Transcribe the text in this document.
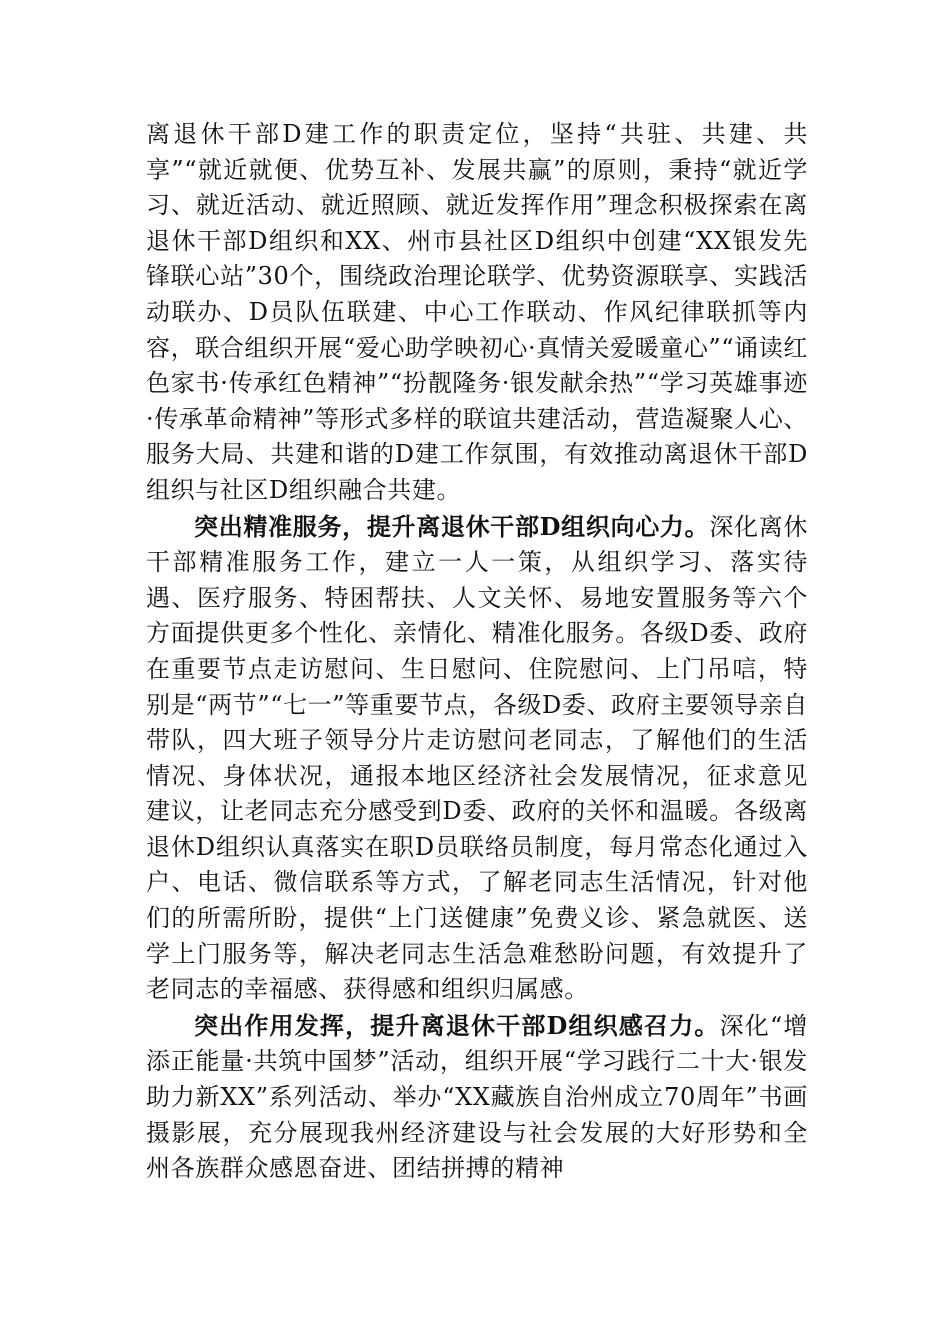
离退休干部D建工作的职责定位，坚持“共驻、共建、共享”“就近就便、优势互补、发展共赢”的原则，秉持“就近学习、就近活动、就近照顾、就近发挥作用”理念积极探索在离退休干部D组织和XX、州市县社区D组织中创建“XX银发先锋联心站”30个，围绕政治理论联学、优势资源联享、实践活动联办、D员队伍联建、中心工作联动、作风纪律联抓等内容，联合组织开展“爱心助学映初心·真情关爱暖童心”“诵读红色家书·传承红色精神”“扮靓隆务·银发献余热”“学习英雄事迹·传承革命精神”等形式多样的联谊共建活动，营造凝聚人心、服务大局、共建和谐的D建工作氛围，有效推动离退休干部D组织与社区D组织融合共建。

突出精准服务，提升离退休干部D组织向心力。深化离休干部精准服务工作，建立一人一策，从组织学习、落实待遇、医疗服务、特困帮扶、人文关怀、易地安置服务等六个方面提供更多个性化、亲情化、精准化服务。各级D委、政府在重要节点走访慰问、生日慰问、住院慰问、上门吊唁，特别是“两节”“七一”等重要节点，各级D委、政府主要领导亲自带队，四大班子领导分片走访慰问老同志，了解他们的生活情况、身体状况，通报本地区经济社会发展情况，征求意见建议，让老同志充分感受到D委、政府的关怀和温暖。各级离退休D组织认真落实在职D员联络员制度，每月常态化通过入户、电话、微信联系等方式，了解老同志生活情况，针对他们的所需所盼，提供“上门送健康”免费义诊、紧急就医、送学上门服务等，解决老同志生活急难愁盼问题，有效提升了老同志的幸福感、获得感和组织归属感。

突出作用发挥，提升离退休干部D组织感召力。深化“增添正能量·共筑中国梦”活动，组织开展“学习践行二十大·银发助力新XX”系列活动、举办“XX藏族自治州成立70周年”书画摄影展，充分展现我州经济建设与社会发展的大好形势和全州各族群众感恩奋进、团结拼搏的精神
